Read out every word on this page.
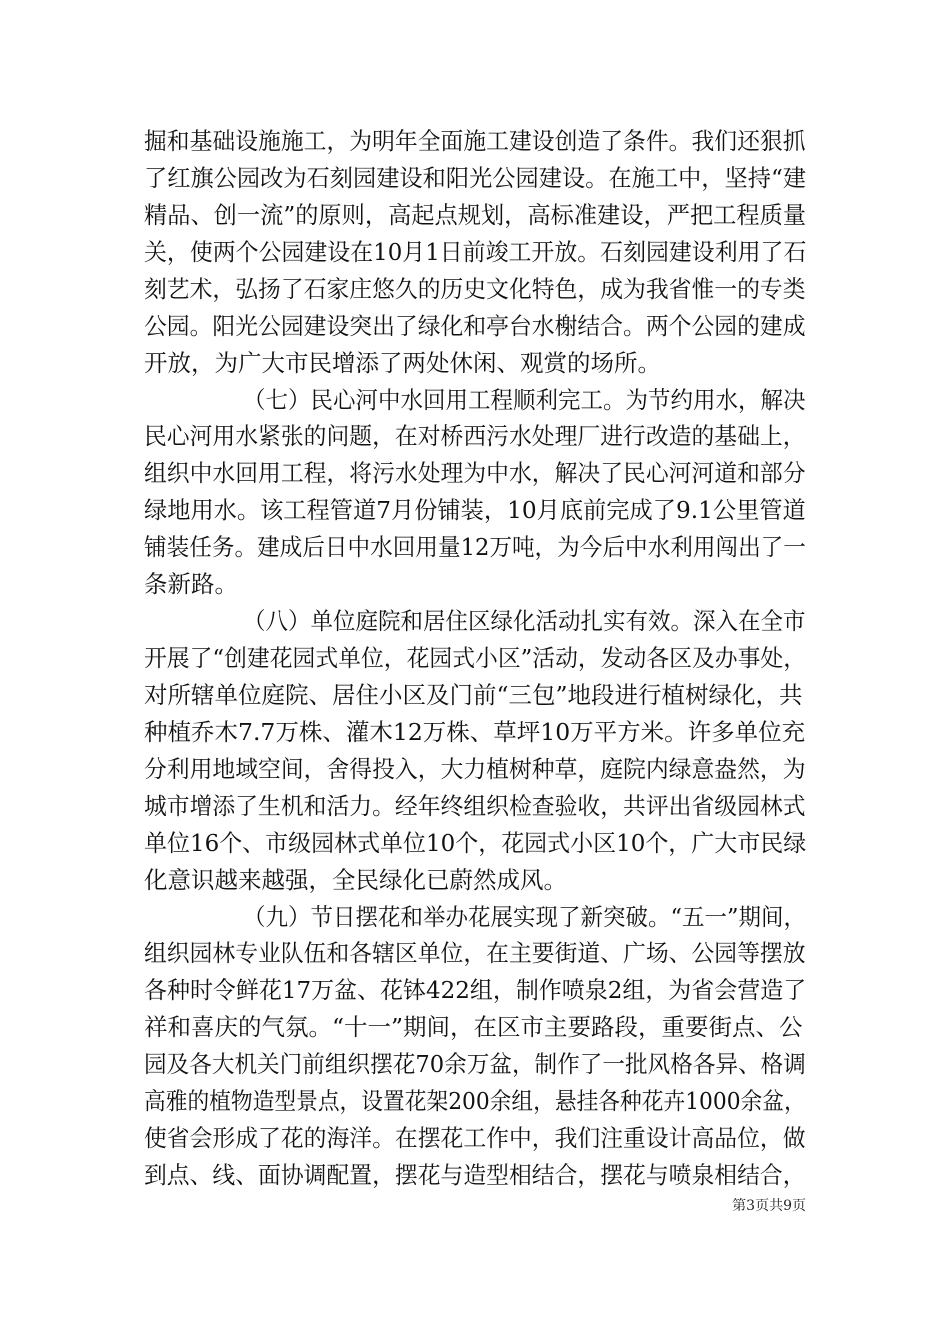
掘和基础设施施工，为明年全面施工建设创造了条件。我们还狠抓
了红旗公园改为石刻园建设和阳光公园建设。在施工中，坚持“建
精品、创一流”的原则，高起点规划，高标准建设，严把工程质量
关，使两个公园建设在10月1日前竣工开放。石刻园建设利用了石
刻艺术，弘扬了石家庄悠久的历史文化特色，成为我省惟一的专类
公园。阳光公园建设突出了绿化和亭台水榭结合。两个公园的建成
开放，为广大市民增添了两处休闲、观赏的场所。
（七）民心河中水回用工程顺利完工。为节约用水，解决
民心河用水紧张的问题，在对桥西污水处理厂进行改造的基础上，
组织中水回用工程，将污水处理为中水，解决了民心河河道和部分
绿地用水。该工程管道7月份铺装，10月底前完成了9.1公里管道
铺装任务。建成后日中水回用量12万吨，为今后中水利用闯出了一
条新路。
（八）单位庭院和居住区绿化活动扎实有效。深入在全市
开展了“创建花园式单位，花园式小区”活动，发动各区及办事处，
对所辖单位庭院、居住小区及门前“三包”地段进行植树绿化，共
种植乔木7.7万株、灌木12万株、草坪10万平方米。许多单位充
分利用地域空间，舍得投入，大力植树种草，庭院内绿意盎然，为
城市增添了生机和活力。经年终组织检查验收，共评出省级园林式
单位16个、市级园林式单位10个，花园式小区10个，广大市民绿
化意识越来越强，全民绿化已蔚然成风。
（九）节日摆花和举办花展实现了新突破。“五一”期间，
组织园林专业队伍和各辖区单位，在主要街道、广场、公园等摆放
各种时令鲜花17万盆、花钵422组，制作喷泉2组，为省会营造了
祥和喜庆的气氛。“十一”期间，在区市主要路段，重要街点、公
园及各大机关门前组织摆花70余万盆，制作了一批风格各异、格调
高雅的植物造型景点，设置花架200余组，悬挂各种花卉1000余盆，
使省会形成了花的海洋。在摆花工作中，我们注重设计高品位，做
第3页共9页
到点、线、面协调配置，摆花与造型相结合，摆花与喷泉相结合，
